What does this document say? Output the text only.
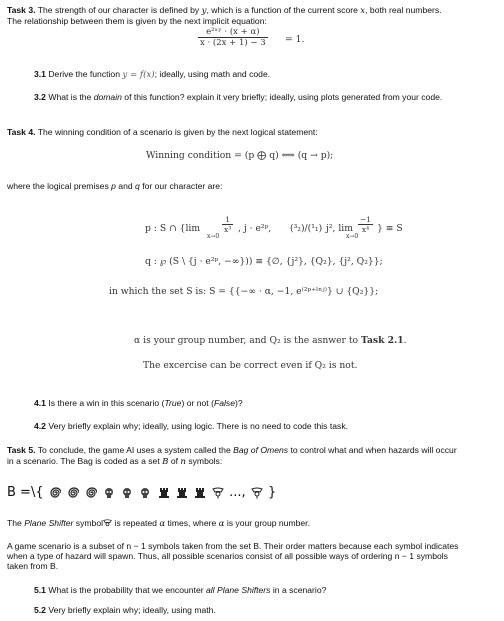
Task 3. The strength of our character is defined by y, which is a function of the current score x, both real numbers.
The relationship between them is given by the next implicit equation:
$\frac{\text{e²ˣʸ · (x + α)}}{x \cdot (2x + 1) - 3} = 1$.
3.1 Derive the function y = f(x); ideally, using math and code.
3.2 What is the domain of this function? explain it very briefly; ideally, using plots generated from your code.
Task 4. The winning condition of a scenario is given by the next logical statement:
Winning condition = (p ⨁ q) ⟺ (q → p);
where the logical premises p and q for our character are:
p : S ∩ {lim
x→0
$\frac{1}{\text{x³}}$ , j · e²ᵖ, (³₂)/(¹₁) j², lim
x→0
$\frac{-1}{\text{x⁴}}$ } ≡ S
q : ℘ (S \ {j · e²ᵖ, −∞})) ≡ {∅, {j²}, {Q₂}, {j², Q₂}};
in which the set S is: S = {{−∞ · α, −1, e⁽²ᵖ⁺ˡⁿʲ⁾} ∪ {Q₂}};
α is your group number, and Q₂ is the asnwer to Task 2.1.
The excercise can be correct even if Q₂ is not.
4.1 Is there a win in this scenario (True) or not (False)?
4.2 Very briefly explain why; ideally, using logic. There is no need to code this task.
Task 5. To conclude, the game AI uses a system called the Bag of Omens to control what and when hazards will occur
in a scenario. The Bag is coded as a set B of n symbols:
B =\{	..., }
The Plane Shifter symbol is repeated α times, where α is your group number.
A game scenario is a subset of n − 1 symbols taken from the set B. Their order matters because each symbol indicates
when a type of hazard will spawn. Thus, all possible scenarios consist of all possible ways of ordering n − 1 symbols
taken from B.
5.1 What is the probability that we encounter all Plane Shifters in a scenario?
5.2 Very briefly explain why; ideally, using math.
